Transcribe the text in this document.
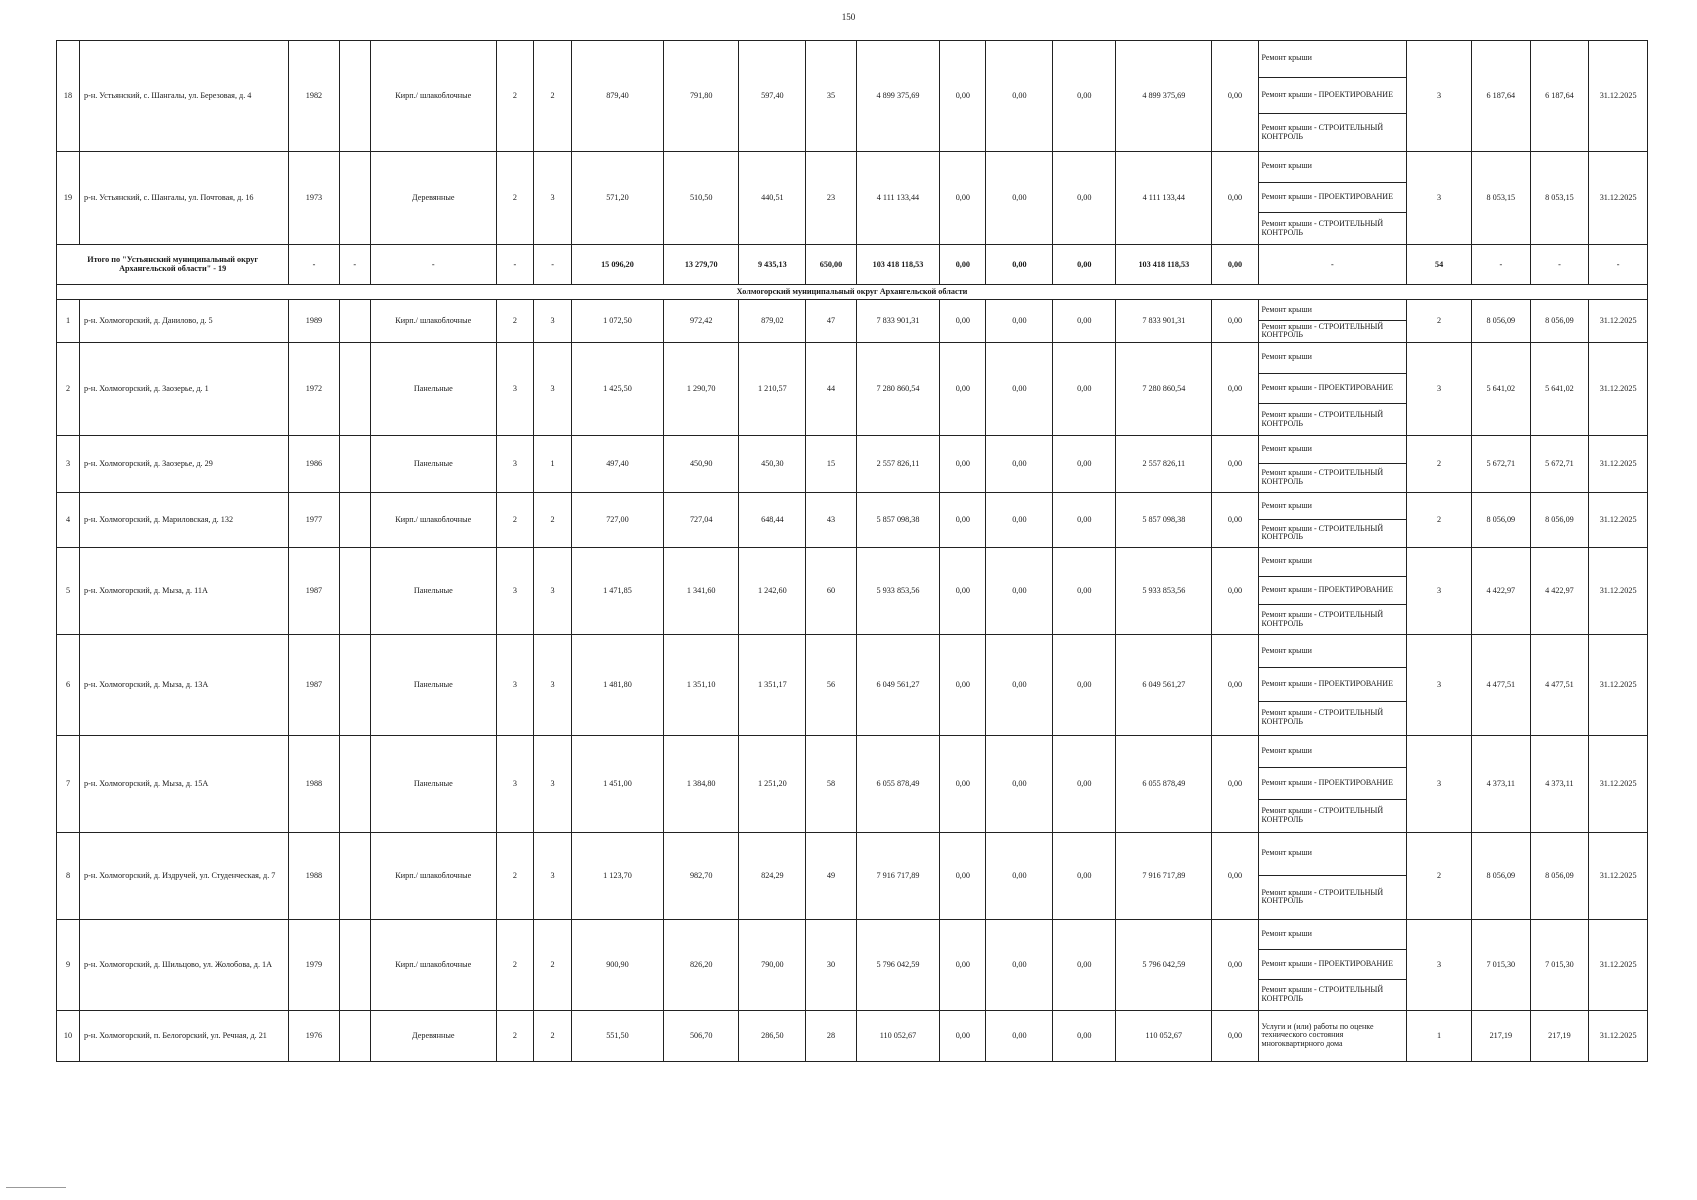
150
18	р-н. Устьянский, с. Шангалы, ул. Березовая, д. 4	1982		Кирп./ шлакоблочные	2	2	879,40	791,80	597,40	35	4 899 375,69	0,00	0,00	0,00	4 899 375,69	0,00	Ремонт крыши
Ремонт крыши - ПРОЕКТИРОВАНИЕ
Ремонт крыши - СТРОИТЕЛЬНЫЙ КОНТРОЛЬ	3	6 187,64	6 187,64	31.12.2025
19	р-н. Устьянский, с. Шангалы, ул. Почтовая, д. 16	1973		Деревянные	2	3	571,20	510,50	440,51	23	4 111 133,44	0,00	0,00	0,00	4 111 133,44	0,00	Ремонт крыши
Ремонт крыши - ПРОЕКТИРОВАНИЕ
Ремонт крыши - СТРОИТЕЛЬНЫЙ КОНТРОЛЬ	3	8 053,15	8 053,15	31.12.2025
Итого по "Устьянский муниципальный округ Архангельской области" - 19		-	-	-	-	-	15 096,20	13 279,70	9 435,13	650,00	103 418 118,53	0,00	0,00	0,00	103 418 118,53	0,00	-	54	-	-	-
Холмогорский муниципальный округ Архангельской области																					
1	р-н. Холмогорский, д. Данилово, д. 5	1989		Кирп./ шлакоблочные	2	3	1 072,50	972,42	879,02	47	7 833 901,31	0,00	0,00	0,00	7 833 901,31	0,00	Ремонт крыши
Ремонт крыши - СТРОИТЕЛЬНЫЙ КОНТРОЛЬ	2	8 056,09	8 056,09	31.12.2025
2	р-н. Холмогорский, д. Заозерье, д. 1	1972		Панельные	3	3	1 425,50	1 290,70	1 210,57	44	7 280 860,54	0,00	0,00	0,00	7 280 860,54	0,00	Ремонт крыши
Ремонт крыши - ПРОЕКТИРОВАНИЕ
Ремонт крыши - СТРОИТЕЛЬНЫЙ КОНТРОЛЬ	3	5 641,02	5 641,02	31.12.2025
3	р-н. Холмогорский, д. Заозерье, д. 29	1986		Панельные	3	1	497,40	450,90	450,30	15	2 557 826,11	0,00	0,00	0,00	2 557 826,11	0,00	Ремонт крыши
Ремонт крыши - СТРОИТЕЛЬНЫЙ КОНТРОЛЬ	2	5 672,71	5 672,71	31.12.2025
4	р-н. Холмогорский, д. Мариловская, д. 132	1977		Кирп./ шлакоблочные	2	2	727,00	727,04	648,44	43	5 857 098,38	0,00	0,00	0,00	5 857 098,38	0,00	Ремонт крыши
Ремонт крыши - СТРОИТЕЛЬНЫЙ КОНТРОЛЬ	2	8 056,09	8 056,09	31.12.2025
5	р-н. Холмогорский, д. Мыза, д. 11А	1987		Панельные	3	3	1 471,85	1 341,60	1 242,60	60	5 933 853,56	0,00	0,00	0,00	5 933 853,56	0,00	Ремонт крыши
Ремонт крыши - ПРОЕКТИРОВАНИЕ
Ремонт крыши - СТРОИТЕЛЬНЫЙ КОНТРОЛЬ	3	4 422,97	4 422,97	31.12.2025
6	р-н. Холмогорский, д. Мыза, д. 13А	1987		Панельные	3	3	1 481,80	1 351,10	1 351,17	56	6 049 561,27	0,00	0,00	0,00	6 049 561,27	0,00	Ремонт крыши
Ремонт крыши - ПРОЕКТИРОВАНИЕ
Ремонт крыши - СТРОИТЕЛЬНЫЙ КОНТРОЛЬ	3	4 477,51	4 477,51	31.12.2025
7	р-н. Холмогорский, д. Мыза, д. 15А	1988		Панельные	3	3	1 451,00	1 384,80	1 251,20	58	6 055 878,49	0,00	0,00	0,00	6 055 878,49	0,00	Ремонт крыши
Ремонт крыши - ПРОЕКТИРОВАНИЕ
Ремонт крыши - СТРОИТЕЛЬНЫЙ КОНТРОЛЬ	3	4 373,11	4 373,11	31.12.2025
8	р-н. Холмогорский, д. Издручей, ул. Студенческая, д. 7	1988		Кирп./ шлакоблочные	2	3	1 123,70	982,70	824,29	49	7 916 717,89	0,00	0,00	0,00	7 916 717,89	0,00	Ремонт крыши
Ремонт крыши - СТРОИТЕЛЬНЫЙ КОНТРОЛЬ	2	8 056,09	8 056,09	31.12.2025
9	р-н. Холмогорский, д. Шильцово, ул. Жолобова, д. 1А	1979		Кирп./ шлакоблочные	2	2	900,90	826,20	790,00	30	5 796 042,59	0,00	0,00	0,00	5 796 042,59	0,00	Ремонт крыши
Ремонт крыши - ПРОЕКТИРОВАНИЕ
Ремонт крыши - СТРОИТЕЛЬНЫЙ КОНТРОЛЬ	3	7 015,30	7 015,30	31.12.2025
10	р-н. Холмогорский, п. Белогорский, ул. Речная, д. 21	1976		Деревянные	2	2	551,50	506,70	286,50	28	110 052,67	0,00	0,00	0,00	110 052,67	0,00	Услуги и (или) работы по оценке технического состояния многоквартирного дома	1	217,19	217,19	31.12.2025
